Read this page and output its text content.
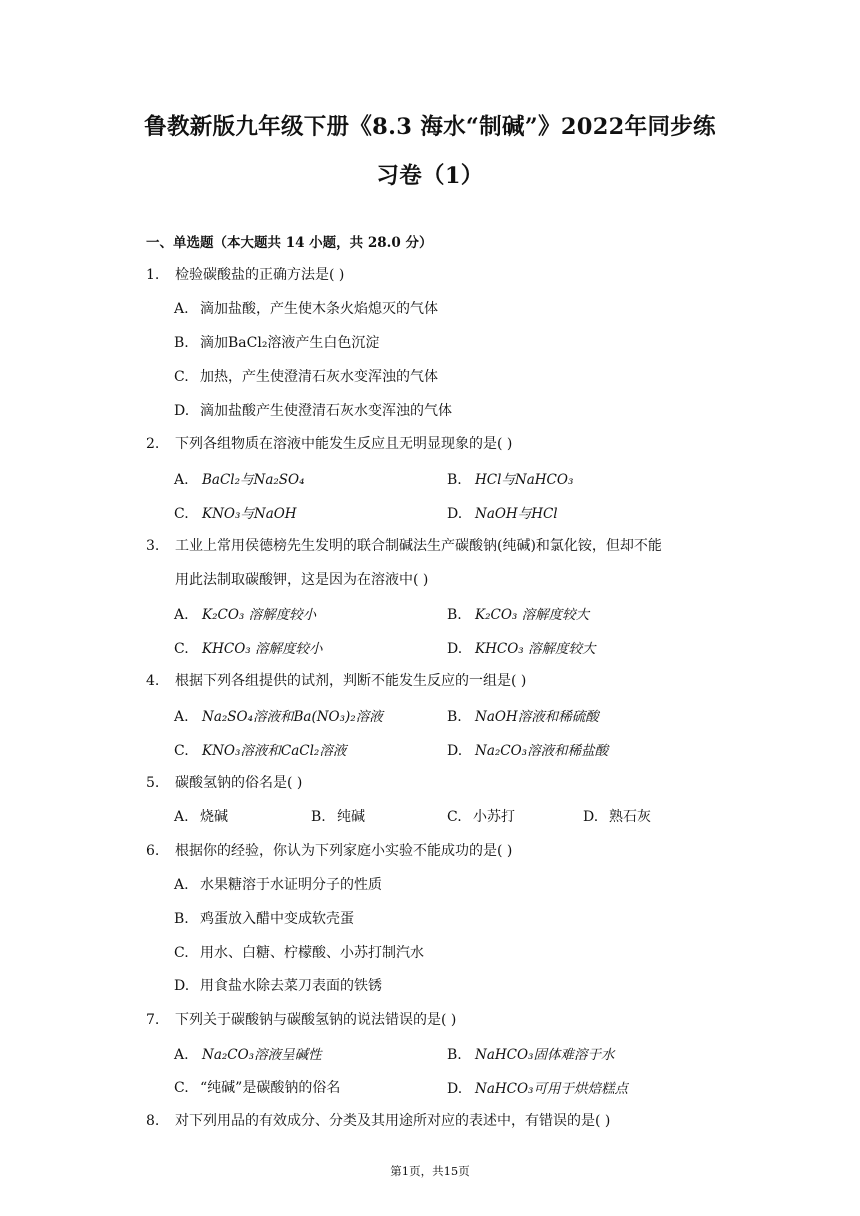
鲁教新版九年级下册《8.3 海水“制碱”》2022年同步练
习卷（1）
一、单选题（本大题共 14 小题，共 28.0 分）
1. 检验碳酸盐的正确方法是( )
A. 滴加盐酸，产生使木条火焰熄灭的气体
B. 滴加BaCl₂溶液产生白色沉淀
C. 加热，产生使澄清石灰水变浑浊的气体
D. 滴加盐酸产生使澄清石灰水变浑浊的气体
2. 下列各组物质在溶液中能发生反应且无明显现象的是( )
A. BaCl₂与Na₂SO₄	B. HCl与NaHCO₃
C. KNO₃与NaOH	D. NaOH与HCl
3. 工业上常用侯德榜先生发明的联合制碱法生产碳酸钠(纯碱)和氯化铵，但却不能
用此法制取碳酸钾，这是因为在溶液中( )
A. K₂CO₃ 溶解度较小	B. K₂CO₃ 溶解度较大
C. KHCO₃ 溶解度较小	D. KHCO₃ 溶解度较大
4. 根据下列各组提供的试剂，判断不能发生反应的一组是( )
A. Na₂SO₄溶液和Ba(NO₃)₂溶液	B. NaOH溶液和稀硫酸
C. KNO₃溶液和CaCl₂溶液	D. Na₂CO₃溶液和稀盐酸
5. 碳酸氢钠的俗名是( )
A. 烧碱	B. 纯碱	C. 小苏打	D. 熟石灰
6. 根据你的经验，你认为下列家庭小实验不能成功的是( )
A. 水果糖溶于水证明分子的性质
B. 鸡蛋放入醋中变成软壳蛋
C. 用水、白糖、柠檬酸、小苏打制汽水
D. 用食盐水除去菜刀表面的铁锈
7. 下列关于碳酸钠与碳酸氢钠的说法错误的是( )
A. Na₂CO₃溶液呈碱性	B. NaHCO₃固体难溶于水
C. “纯碱”是碳酸钠的俗名	D. NaHCO₃可用于烘焙糕点
8. 对下列用品的有效成分、分类及其用途所对应的表述中，有错误的是( )
第1页，共15页
